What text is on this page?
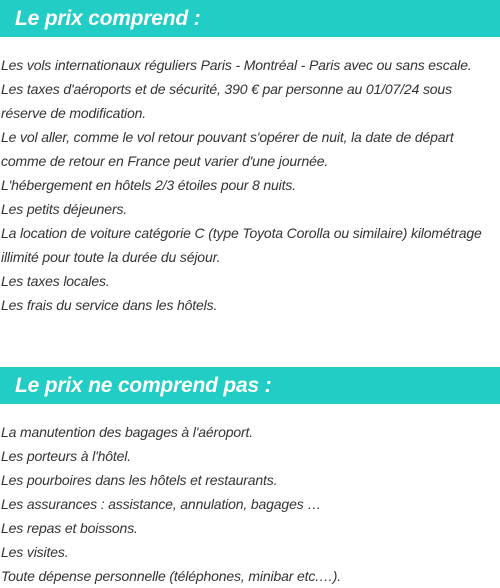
Le prix comprend :
Les vols internationaux réguliers Paris - Montréal - Paris avec ou sans escale.
Les taxes d'aéroports et de sécurité, 390 € par personne au 01/07/24 sous réserve de modification.
Le vol aller, comme le vol retour pouvant s'opérer de nuit, la date de départ comme de retour en France peut varier d'une journée.
L'hébergement en hôtels 2/3 étoiles pour 8 nuits.
Les petits déjeuners.
La location de voiture catégorie C (type Toyota Corolla ou similaire) kilométrage illimité pour toute la durée du séjour.
Les taxes locales.
Les frais du service dans les hôtels.
Le prix ne comprend pas :
La manutention des bagages à l'aéroport.
Les porteurs à l'hôtel.
Les pourboires dans les hôtels et restaurants.
Les assurances : assistance, annulation, bagages …
Les repas et boissons.
Les visites.
Toute dépense personnelle (téléphones, minibar etc.…).
